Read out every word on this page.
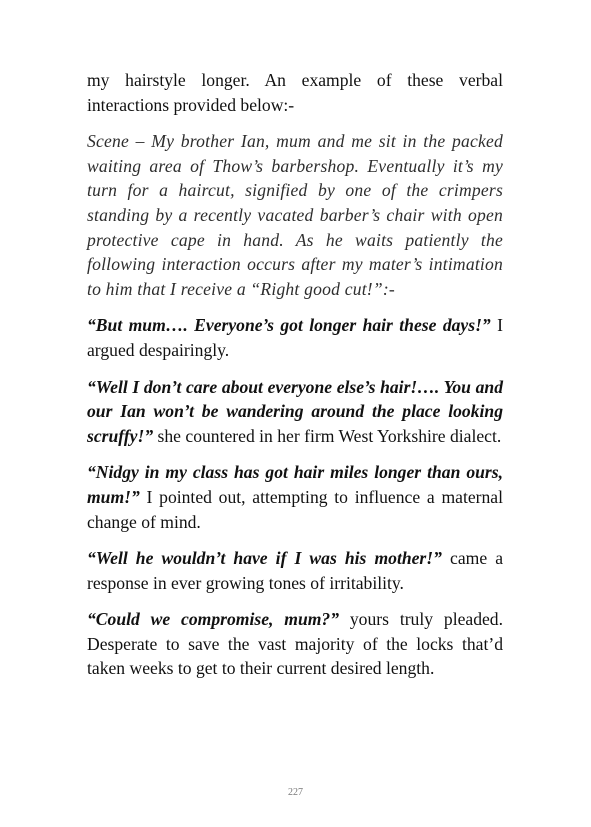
my hairstyle longer. An example of these verbal interactions provided below:-

Scene – My brother Ian, mum and me sit in the packed waiting area of Thow’s barbershop. Eventually it’s my turn for a haircut, signified by one of the crimpers standing by a recently vacated barber’s chair with open protective cape in hand. As he waits patiently the following interaction occurs after my mater’s intimation to him that I receive a “Right good cut!”:-

“But mum…. Everyone’s got longer hair these days!” I argued despairingly.

“Well I don’t care about everyone else’s hair!…. You and our Ian won’t be wandering around the place looking scruffy!” she countered in her firm West Yorkshire dialect.

“Nidgy in my class has got hair miles longer than ours, mum!” I pointed out, attempting to influence a maternal change of mind.

“Well he wouldn’t have if I was his mother!” came a response in ever growing tones of irritability.

“Could we compromise, mum?” yours truly pleaded. Desperate to save the vast majority of the locks that’d taken weeks to get to their current desired length.

227
